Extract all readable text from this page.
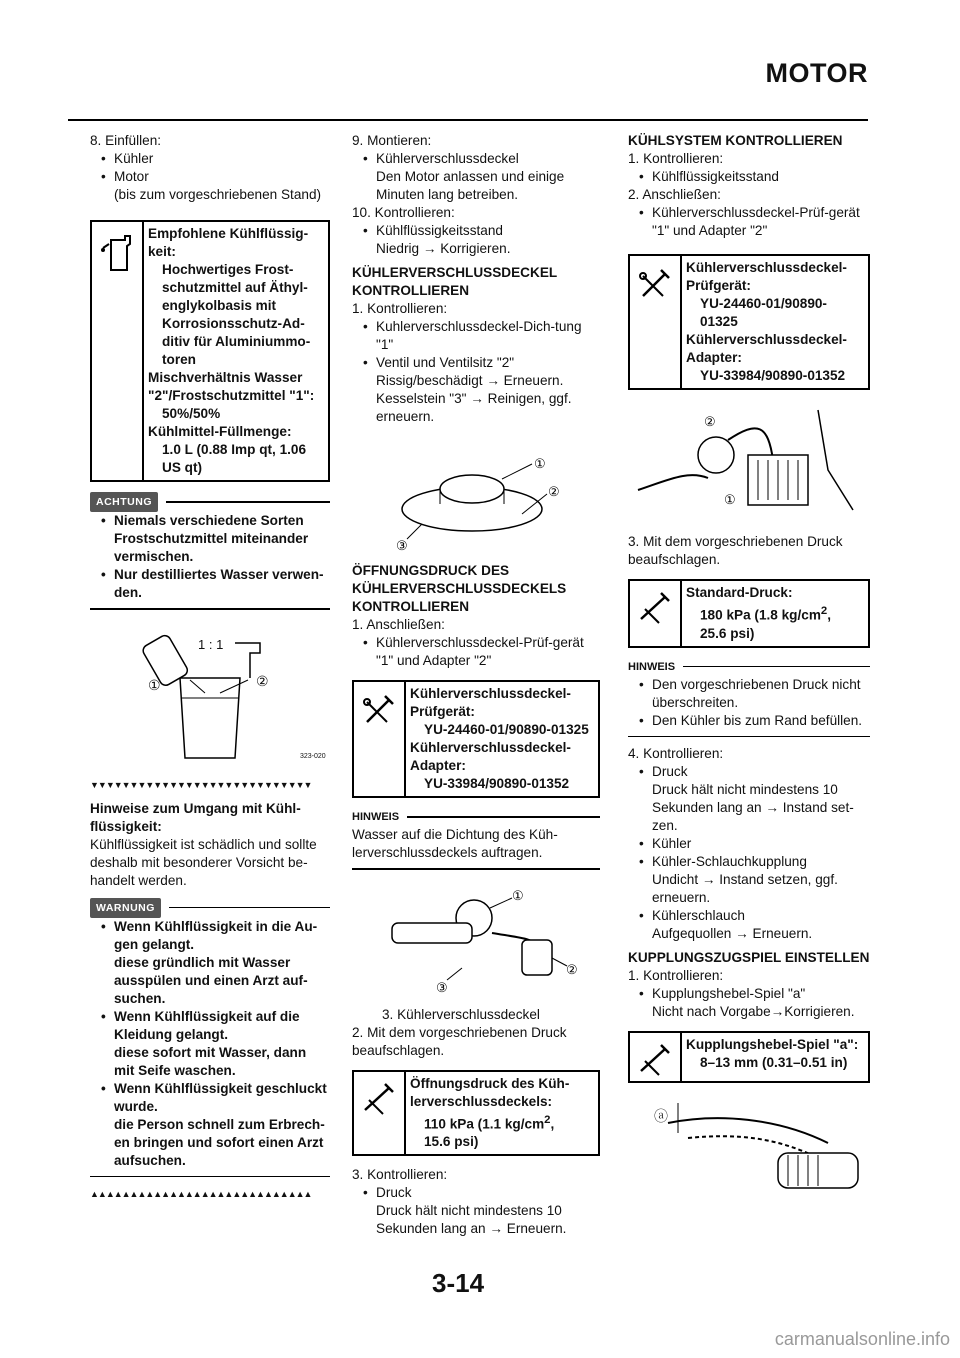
MOTOR

8. Einfüllen:

• Kühler

• Motor

(bis zum vorgeschriebenen Stand)

Empfohlene Kühlflüssig-keit:
Hochwertiges Frost-schutzmittel auf Äthyl-englykolbasis mit Korrosionsschutz-Ad-ditiv für Aluminiummo-toren
Mischverhältnis Wasser "2"/Frostschutzmittel "1":
50%/50%
Kühlmittel-Füllmenge:
1.0 L (0.88 Imp qt, 1.06 US qt)
ACHTUNG

• Niemals verschiedene Sorten Frostschutzmittel miteinander vermischen.

• Nur destilliertes Wasser verwen-den.

1 : 1
①	②
323-020
▼▼▼▼▼▼▼▼▼▼▼▼▼▼▼▼▼▼▼▼▼▼▼▼▼▼▼▼

Hinweise zum Umgang mit Kühl-flüssigkeit:

Kühlflüssigkeit ist schädlich und sollte deshalb mit besonderer Vorsicht be-handelt werden.

WARNUNG

• Wenn Kühlflüssigkeit in die Au-gen gelangt.

diese gründlich mit Wasser ausspülen und einen Arzt auf-suchen.

• Wenn Kühlflüssigkeit auf die Kleidung gelangt.

diese sofort mit Wasser, dann mit Seife waschen.

• Wenn Kühlflüssigkeit geschluckt wurde.

die Person schnell zum Erbrech-en bringen und sofort einen Arzt aufsuchen.

▲▲▲▲▲▲▲▲▲▲▲▲▲▲▲▲▲▲▲▲▲▲▲▲▲▲▲▲

9. Montieren:

• Kühlerverschlussdeckel

Den Motor anlassen und einige Minuten lang betreiben.

10. Kontrollieren:

• Kühlflüssigkeitsstand

Niedrig → Korrigieren.

KÜHLERVERSCHLUSSDECKEL KONTROLLIEREN

1. Kontrollieren:

• Kuhlerverschlussdeckel-Dich-tung "1"

• Ventil und Ventilsitz "2"

Rissig/beschädigt → Erneuern.

Kesselstein "3" → Reinigen, ggf. erneuern.

①
②
③

ÖFFNUNGSDRUCK DES KÜHLERVERSCHLUSSDECKELS KONTROLLIEREN

1. Anschließen:

• Kühlerverschlussdeckel-Prüf-gerät "1" und Adapter "2"

Kühlerverschlussdeckel-Prüfgerät:
YU-24460-01/90890-01325
Kühlerverschlussdeckel-Adapter:
YU-33984/90890-01352
HINWEIS

Wasser auf die Dichtung des Küh-lerverschlussdeckels auftragen.

①
②
③

3. Kühlerverschlussdeckel

2. Mit dem vorgeschriebenen Druck beaufschlagen.

Öffnungsdruck des Küh-lerverschlussdeckels:
110 kPa (1.1 $kg/cm^2$,
15.6 psi)

3. Kontrollieren:

• Druck

Druck hält nicht mindestens 10 Sekunden lang an → Erneuern.

KÜHLSYSTEM KONTROLLIEREN

1. Kontrollieren:

• Kühlflüssigkeitsstand

2. Anschließen:

• Kühlerverschlussdeckel-Prüf-gerät "1" und Adapter "2"

Kühlerverschlussdeckel-Prüfgerät:
YU-24460-01/90890-01325
Kühlerverschlussdeckel-Adapter:
YU-33984/90890-01352
②
①

3. Mit dem vorgeschriebenen Druck beaufschlagen.

Standard-Druck:
180 kPa (1.8 $kg/cm^2$,
25.6 psi)
HINWEIS

• Den vorgeschriebenen Druck nicht überschreiten.

• Den Kühler bis zum Rand befüllen.

4. Kontrollieren:

• Druck

Druck hält nicht mindestens 10 Sekunden lang an → Instand set-zen.

• Kühler

• Kühler-Schlauchkupplung

Undicht → Instand setzen, ggf. erneuern.

• Kühlerschlauch

Aufgequollen → Erneuern.

KUPPLUNGSZUGSPIEL EINSTELLEN

1. Kontrollieren:

• Kupplungshebel-Spiel "a"

Nicht nach Vorgabe→Korrigieren.

Kupplungshebel-Spiel "a":
8–13 mm (0.31–0.51 in)
ⓐ
3-14
carmanualsonline.info
